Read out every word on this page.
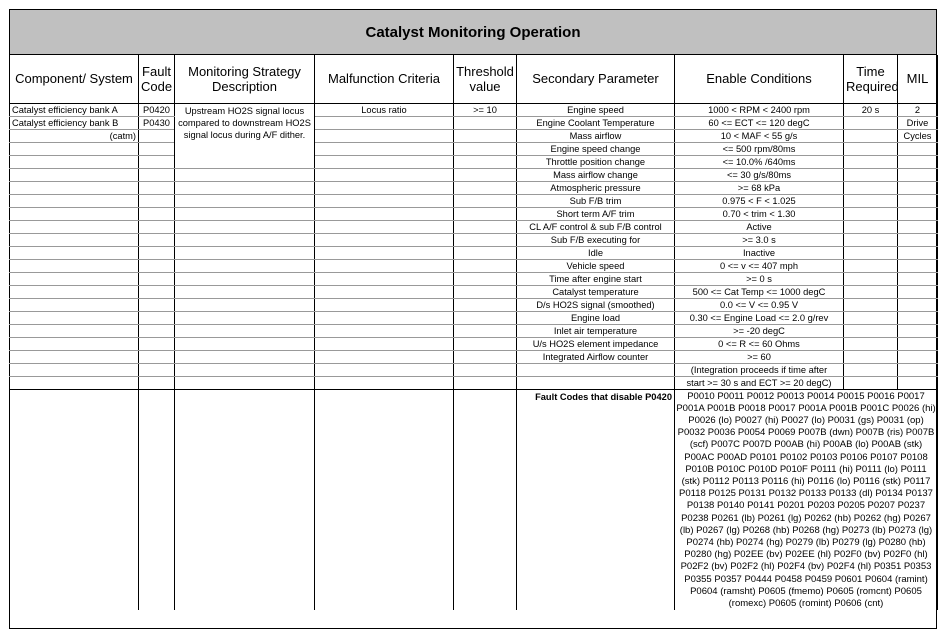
Catalyst Monitoring Operation
Component/ System	Fault Code	Monitoring Strategy Description	Malfunction Criteria	Threshold value	Secondary Parameter	Enable Conditions	Time Required	MIL
Catalyst efficiency bank A	P0420	Upstream HO2S signal locus compared to downstream HO2S signal locus during A/F dither.	Locus ratio	>= 10	Engine speed	1000 < RPM < 2400 rpm	20 s	2
Catalyst efficiency bank B	P0430				Engine Coolant Temperature	60 <= ECT <= 120 degC		Drive
(catm)					Mass airflow	10 < MAF < 55 g/s		Cycles
					Engine speed change	<= 500 rpm/80ms		
					Throttle position change	<= 10.0% /640ms		
					Mass airflow change	<= 30 g/s/80ms		
					Atmospheric pressure	>= 68 kPa		
					Sub F/B trim	0.975 < F < 1.025		
					Short term A/F trim	0.70 < trim < 1.30		
					CL A/F control & sub F/B control	Active		
					Sub F/B executing for	>= 3.0 s		
					Idle	Inactive		
					Vehicle speed	0 <= v <= 407 mph		
					Time after engine start	>= 0 s		
					Catalyst temperature	500 <= Cat Temp <= 1000 degC		
					D/s HO2S signal (smoothed)	0.0 <= V <= 0.95 V		
					Engine load	0.30 <= Engine Load <= 2.0 g/rev		
					Inlet air temperature	>= -20 degC		
					U/s HO2S element impedance	0 <= R <= 60 Ohms		
					Integrated Airflow counter	>= 60		
						(Integration proceeds if time after		
						start >= 30 s and ECT >= 20 degC)		
					Fault Codes that disable P0420	P0010 P0011 P0012 P0013 P0014 P0015 P0016 P0017 P001A P001B P0018 P0017 P001A P001B P001C P0026 (hi) P0026 (lo) P0027 (hi) P0027 (lo) P0031 (gs) P0031 (op) P0032 P0036 P0054 P0069 P007B (dwn) P007B (ris) P007B (scf) P007C P007D P00AB (hi) P00AB (lo) P00AB (stk) P00AC P00AD P0101 P0102 P0103 P0106 P0107 P0108 P010B P010C P010D P010F P0111 (hi) P0111 (lo) P0111 (stk) P0112 P0113 P0116 (hi) P0116 (lo) P0116 (stk) P0117 P0118 P0125 P0131 P0132 P0133 P0133 (dl) P0134 P0137 P0138 P0140 P0141 P0201 P0203 P0205 P0207 P0237 P0238 P0261 (lb) P0261 (lg) P0262 (hb) P0262 (hg) P0267 (lb) P0267 (lg) P0268 (hb) P0268 (hg) P0273 (lb) P0273 (lg) P0274 (hb) P0274 (hg) P0279 (lb) P0279 (lg) P0280 (hb) P0280 (hg) P02EE (bv) P02EE (hl) P02F0 (bv) P02F0 (hl) P02F2 (bv) P02F2 (hl) P02F4 (bv) P02F4 (hl) P0351 P0353 P0355 P0357 P0444 P0458 P0459 P0601 P0604 (ramint) P0604 (ramsht) P0605 (fmemo) P0605 (romcnt) P0605 (romexc) P0605 (romint) P0606 (cnt)		
